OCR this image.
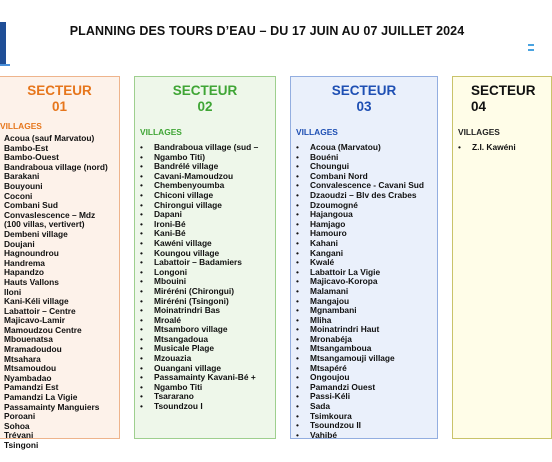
PLANNING DES TOURS D’EAU – DU 17 JUIN AU 07 JUILLET 2024
SECTEUR
01
VILLAGES
Acoua (sauf Marvatou)
Bambo-Est
Bambo-Ouest
Bandraboua village (nord)
Barakani
Bouyouni
Coconi
Combani Sud
Convaslescence – Mdz
(100 villas, vertivert)
Dembeni village
Doujani
Hagnoundrou
Handrema
Hapandzo
Hauts Vallons
Iloni
Kani-Kéli village
Labattoir – Centre
Majicavo-Lamir
Mamoudzou Centre
Mbouenatsa
Mramadoudou
Mtsahara
Mtsamoudou
Nyambadao
Pamandzi Est
Pamandzi La Vigie
Passamainty Manguiers
Poroani
Sohoa
Trévani
Tsingoni
SECTEUR
02
VILLAGES
• Bandraboua village (sud –
• Ngambo Titi)
• Bandrélé village
• Cavani-Mamoudzou
• Chembenyoumba
• Chiconi village
• Chirongui village
• Dapani
• Ironi-Bé
• Kani-Bé
• Kawéni village
• Koungou village
• Labattoir – Badamiers
• Longoni
• Mbouini
• Miréréni (Chirongui)
• Miréréni (Tsingoni)
• Moinatrindri Bas
• Mroalé
• Mtsamboro village
• Mtsangadoua
• Musicale Plage
• Mzouazia
• Ouangani village
• Passamainty Kavani-Bé +
• Ngambo Titi
• Tsararano
• Tsoundzou I
SECTEUR
03
VILLAGES
• Acoua (Marvatou)
• Bouéni
• Choungui
• Combani Nord
• Convalescence - Cavani Sud
• Dzaoudzi – Blv des Crabes
• Dzoumogné
• Hajangoua
• Hamjago
• Hamouro
• Kahani
• Kangani
• Kwalé
• Labattoir La Vigie
• Majicavo-Koropa
• Malamani
• Mangajou
• Mgnambani
• Mliha
• Moinatrindri Haut
• Mronabéja
• Mtsangamboua
• Mtsangamouji village
• Mtsapéré
• Ongoujou
• Pamandzi Ouest
• Passi-Kéli
• Sada
• Tsimkoura
• Tsoundzou II
• Vahibé
SECTEUR
04
VILLAGES
• Z.I. Kawéni
